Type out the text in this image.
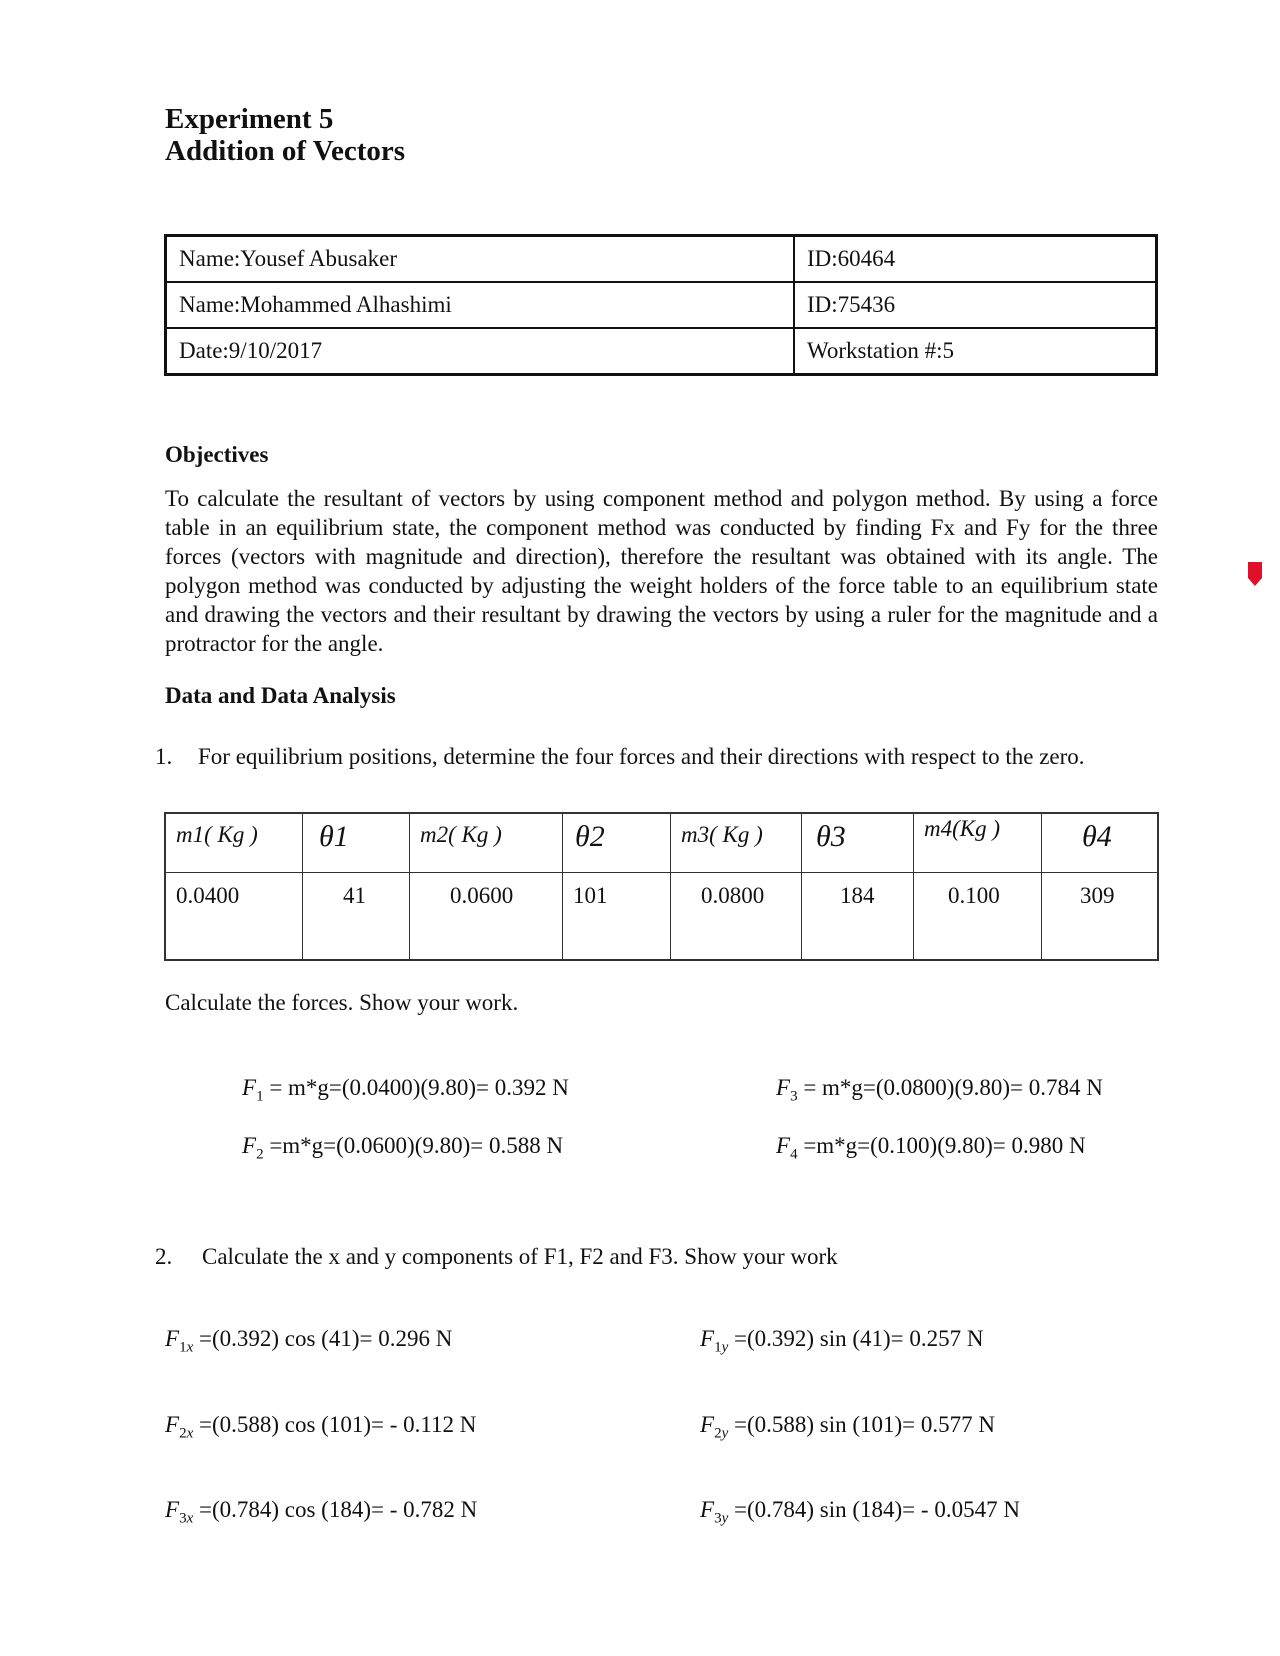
Experiment 5
Addition of Vectors
Name:Yousef Abusaker	ID:60464
Name:Mohammed Alhashimi	ID:75436
Date:9/10/2017	Workstation #:5
Objectives
To calculate the resultant of vectors by using component method and polygon method. By using a force table in an equilibrium state, the component method was conducted by finding Fx and Fy for the three forces (vectors with magnitude and direction), therefore the resultant was obtained with its angle. The polygon method was conducted by adjusting the weight holders of the force table to an equilibrium state and drawing the vectors and their resultant by drawing the vectors by using a ruler for the magnitude and a protractor for the angle.
Data and Data Analysis
1. For equilibrium positions, determine the four forces and their directions with respect to the zero.
m1( Kg )	θ1	m2( Kg )	θ2	m3( Kg )	θ3	m4(Kg )	θ4

0.0400	41	0.0600	101	0.0800	184	0.100	309
Calculate the forces. Show your work.
$F_1 = m*g=(0.0400)(9.80)= 0.392$ N
$F_2 =m*g=(0.0600)(9.80)= 0.588$ N
$F_3 = m*g=(0.0800)(9.80)= 0.784$ N
$F_4 =m*g=(0.100)(9.80)= 0.980$ N
2. Calculate the x and y components of F1, F2 and F3. Show your work
$F_{1x} =(0.392)$ cos (41)= 0.296 N	$F_{1y} =(0.392)$ sin (41)= 0.257 N
$F_{2x} =(0.588)$ cos (101)= - 0.112 N	$F_{2y} =(0.588)$ sin (101)= 0.577 N
$F_{3x} =(0.784)$ cos (184)= - 0.782 N	$F_{3y} =(0.784)$ sin (184)= - 0.0547 N
